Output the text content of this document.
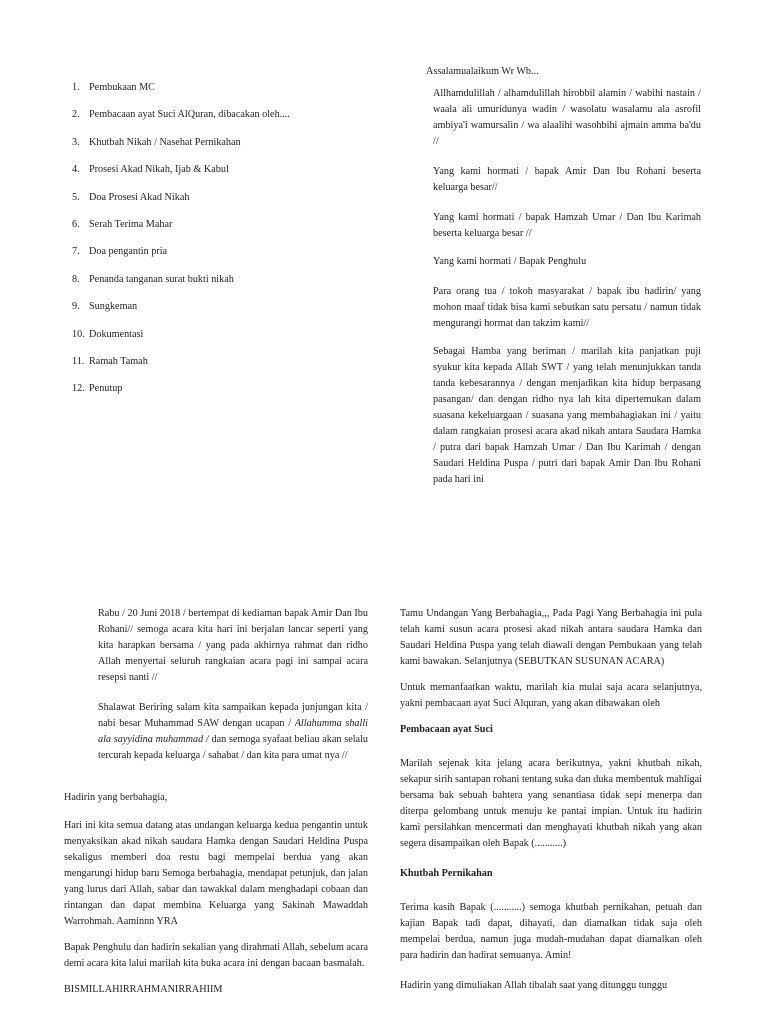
1. Pembukaan MC
2. Pembacaan ayat Suci AlQuran, dibacakan oleh....
3. Khutbah Nikah / Nasehat Pernikahan
4. Prosesi Akad Nikah, Ijab & Kabul
5. Doa Prosesi Akad Nikah
6. Serah Terima Mahar
7. Doa pengantin pria
8. Penanda tanganan surat bukti nikah
9. Sungkeman
10. Dokumentasi
11. Ramah Tamah
12. Penutup

Assalamualaikum Wr Wb...

Allhamdulillah / alhamdulillah hirobbil alamin / wabihi nastain / waala ali umuridunya wadin / wasolatu wasalamu ala asrofil ambiya'i wamursalin / wa alaalihi wasohbihi ajmain amma ba'du //

Yang kami hormati / bapak Amir Dan Ibu Rohani beserta keluarga besar//

Yang kami hormati / bapak Hamzah Umar / Dan Ibu Karimah beserta keluarga besar //

Yang kami hormati / Bapak Penghulu

Para orang tua / tokoh masyarakat / bapak ibu hadirin/ yang mohon maaf tidak bisa kami sebutkan satu persatu / namun tidak mengurangi hormat dan takzim kami//

Sebagai Hamba yang beriman / marilah kita panjatkan puji syukur kita kepada Allah SWT / yang telah menunjukkan tanda tanda kebesarannya / dengan menjadikan kita hidup berpasang pasangan/ dan dengan ridho nya lah kita dipertemukan dalam suasana kekeluargaan / suasana yang membahagiakan ini / yaitu dalam rangkaian prosesi acara akad nikah antara Saudara Hamka / putra dari bapak Hamzah Umar / Dan Ibu Karimah / dengan Saudari Heldina Puspa / putri dari bapak Amir Dan Ibu Rohani pada hari ini

Rabu / 20 Juni 2018 / bertempat di kediaman bapak Amir Dan Ibu Rohani// semoga acara kita hari ini berjalan lancar seperti yang kita harapkan bersama / yang pada akhirnya rahmat dan ridho Allah menyertai seluruh rangkaian acara pagi ini sampai acara resepsi nanti //

Shalawat Beriring salam kita sampaikan kepada junjungan kita / nabi besar Muhammad SAW dengan ucapan / Allahumma shalli ala sayyidina muhammad / dan semoga syafaat beliau akan selalu tercurah kepada keluarga / sahabat / dan kita para umat nya //

Hadirin yang berbahagia,

Hari ini kita semua datang atas undangan keluarga kedua pengantin untuk menyaksikan akad nikah saudara Hamka dengan Saudari Heldina Puspa sekaligus memberi doa restu bagi mempelai berdua yang akan mengarungi hidup baru Semoga berbahagia, mendapat petunjuk, dan jalan yang lurus dari Allah, sabar dan tawakkal dalam menghadapi cobaan dan rintangan dan dapat membina Keluarga yang Sakinah Mawaddah Warrohmah. Aaminnn YRA

Bapak Penghulu dan hadirin sekalian yang dirahmati Allah, sebelum acara demi acara kita lalui marilah kita buka acara ini dengan bacaan basmalah.

BISMILLAHIRRAHMANIRRAHIIM

Tamu Undangan Yang Berbahagia,,, Pada Pagi Yang Berbahagia ini pula telah kami susun acara prosesi akad nikah antara saudara Hamka dan Saudari Heldina Puspa yang telah diawali dengan Pembukaan yang telah kami bawakan. Selanjutnya (SEBUTKAN SUSUNAN ACARA)

Untuk memanfaatkan waktu, marilah kia mulai saja acara selanjutnya, yakni pembacaan ayat Suci Alquran, yang akan dibawakan oleh

Pembacaan ayat Suci

Marilah sejenak kita jelang acara berikutnya, yakni khutbah nikah, sekapur sirih santapan rohani tentang suka dan duka membentuk mahligai bersama bak sebuah bahtera yang senantiasa tidak sepi menerpa dan diterpa gelombang untuk menuju ke pantai impian. Untuk itu hadirin kami persilahkan mencermati dan menghayati khutbah nikah yang akan segera disampaikan oleh Bapak (...........)

Khutbah Pernikahan

Terima kasih Bapak (...........) semoga khutbah pernikahan, petuah dan kajian Bapak tadi dapat, dihayati, dan diamalkan tidak saja oleh mempelai berdua, namun juga mudah-mudahan dapat diamalkan oleh para hadirin dan hadirat semuanya. Amin!

Hadirin yang dimuliakan Allah tibalah saat yang ditunggu tunggu
